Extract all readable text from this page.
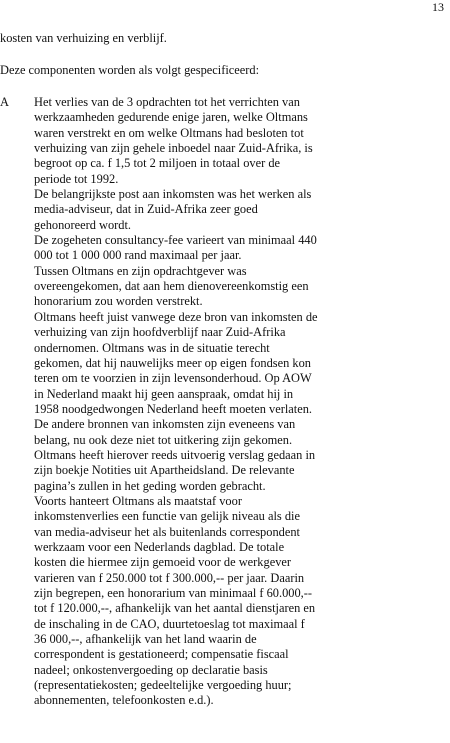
13
kosten van verhuizing en verblijf.
Deze componenten worden als volgt gespecificeerd:
A Het verlies van de 3 opdrachten tot het verrichten van
werkzaamheden gedurende enige jaren, welke Oltmans
waren verstrekt en om welke Oltmans had besloten tot
verhuizing van zijn gehele inboedel naar Zuid-Afrika, is
begroot op ca. f 1,5 tot 2 miljoen in totaal over de
periode tot 1992.
De belangrijkste post aan inkomsten was het werken als
media-adviseur, dat in Zuid-Afrika zeer goed
gehonoreerd wordt.
De zogeheten consultancy-fee varieert van minimaal 440
000 tot 1 000 000 rand maximaal per jaar.
Tussen Oltmans en zijn opdrachtgever was
overeengekomen, dat aan hem dienovereenkomstig een
honorarium zou worden verstrekt.
Oltmans heeft juist vanwege deze bron van inkomsten de
verhuizing van zijn hoofdverblijf naar Zuid-Afrika
ondernomen. Oltmans was in de situatie terecht
gekomen, dat hij nauwelijks meer op eigen fondsen kon
teren om te voorzien in zijn levensonderhoud. Op AOW
in Nederland maakt hij geen aanspraak, omdat hij in
1958 noodgedwongen Nederland heeft moeten verlaten.
De andere bronnen van inkomsten zijn eveneens van
belang, nu ook deze niet tot uitkering zijn gekomen.
Oltmans heeft hierover reeds uitvoerig verslag gedaan in
zijn boekje Notities uit Apartheidsland. De relevante
pagina’s zullen in het geding worden gebracht.
Voorts hanteert Oltmans als maatstaf voor
inkomstenverlies een functie van gelijk niveau als die
van media-adviseur het als buitenlands correspondent
werkzaam voor een Nederlands dagblad. De totale
kosten die hiermee zijn gemoeid voor de werkgever
varieren van f 250.000 tot f 300.000,-- per jaar. Daarin
zijn begrepen, een honorarium van minimaal f 60.000,--
tot f 120.000,--, afhankelijk van het aantal dienstjaren en
de inschaling in de CAO, duurtetoeslag tot maximaal f
36 000,--, afhankelijk van het land waarin de
correspondent is gestationeerd; compensatie fiscaal
nadeel; onkostenvergoeding op declaratie basis
(representatiekosten; gedeeltelijke vergoeding huur;
abonnementen, telefoonkosten e.d.).
